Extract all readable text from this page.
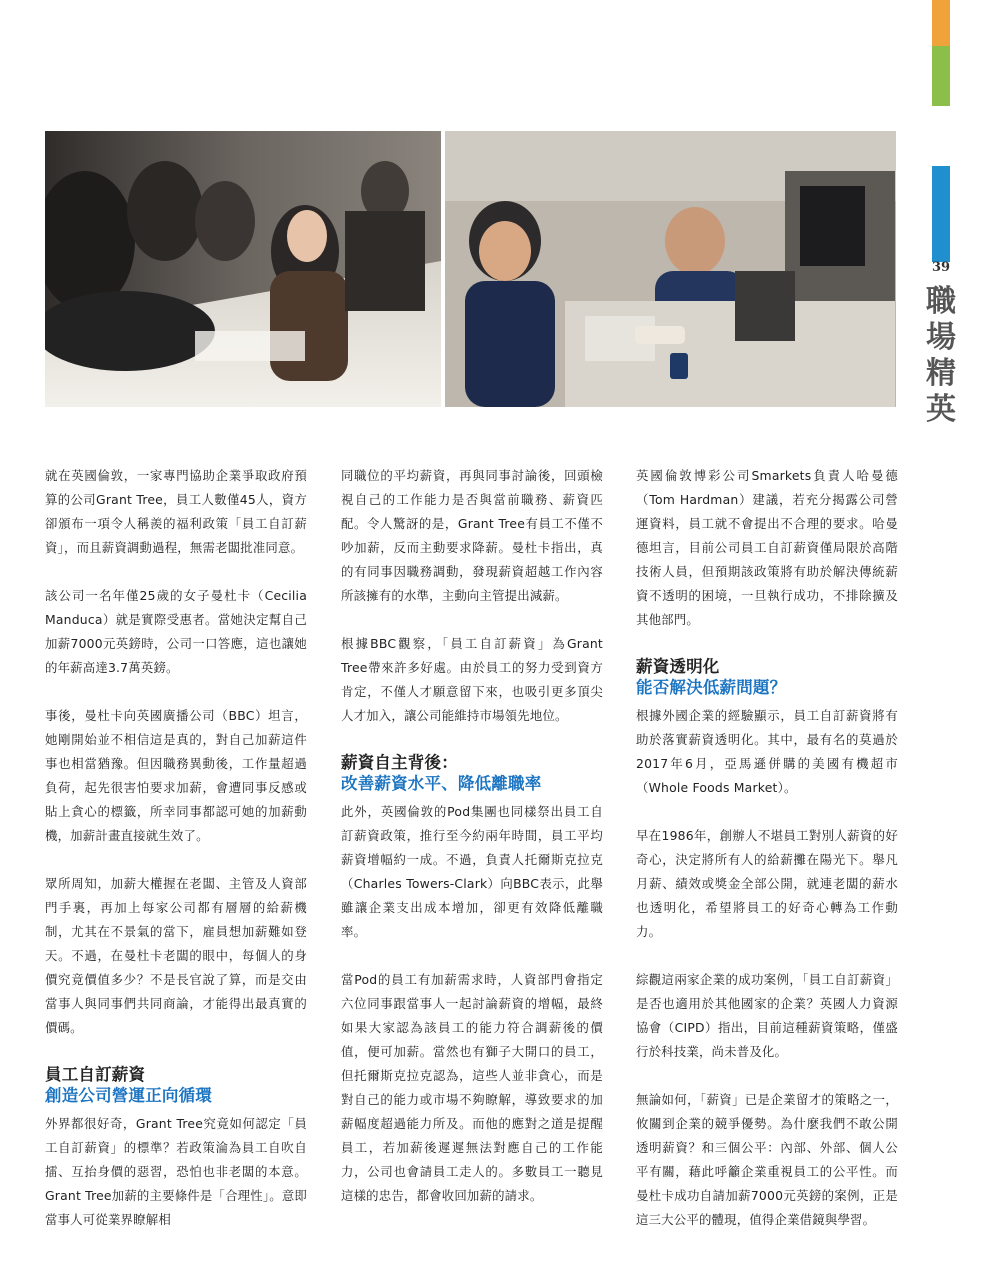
39
職
場
精
英

就在英國倫敦，一家專門協助企業爭取政府預算的公司Grant Tree，員工人數僅45人，資方卻頒布一項令人稱羨的福利政策「員工自訂薪資」，而且薪資調動過程，無需老闆批准同意。

該公司一名年僅25歲的女子曼杜卡（Cecilia Manduca）就是實際受惠者。當她決定幫自己加薪7000元英鎊時，公司一口答應，這也讓她的年薪高達3.7萬英鎊。

事後，曼杜卡向英國廣播公司（BBC）坦言，她剛開始並不相信這是真的，對自己加薪這件事也相當猶豫。但因職務異動後，工作量超過負荷，起先很害怕要求加薪，會遭同事反感或貼上貪心的標籤，所幸同事都認可她的加薪動機，加薪計畫直接就生效了。

眾所周知，加薪大權握在老闆、主管及人資部門手裏，再加上每家公司都有層層的給薪機制，尤其在不景氣的當下，雇員想加薪難如登天。不過，在曼杜卡老闆的眼中，每個人的身價究竟價值多少？不是長官說了算，而是交由當事人與同事們共同商論，才能得出最真實的價碼。

員工自訂薪資
創造公司營運正向循環

外界都很好奇，Grant Tree究竟如何認定「員工自訂薪資」的標準？若政策淪為員工自吹自擂、互抬身價的惡習，恐怕也非老闆的本意。Grant Tree加薪的主要條件是「合理性」。意即當事人可從業界瞭解相

同職位的平均薪資，再與同事討論後，回頭檢視自己的工作能力是否與當前職務、薪資匹配。令人驚訝的是，Grant Tree有員工不僅不吵加薪，反而主動要求降薪。曼杜卡指出，真的有同事因職務調動，發現薪資超越工作內容所該擁有的水準，主動向主管提出減薪。

根據BBC觀察，「員工自訂薪資」為Grant Tree帶來許多好處。由於員工的努力受到資方肯定，不僅人才願意留下來，也吸引更多頂尖人才加入，讓公司能維持市場領先地位。

薪資自主背後：
改善薪資水平、降低離職率

此外，英國倫敦的Pod集團也同樣祭出員工自訂薪資政策，推行至今約兩年時間，員工平均薪資增幅約一成。不過，負責人托爾斯克拉克（Charles Towers-Clark）向BBC表示，此舉雖讓企業支出成本增加，卻更有效降低離職率。

當Pod的員工有加薪需求時，人資部門會指定六位同事跟當事人一起討論薪資的增幅，最終如果大家認為該員工的能力符合調薪後的價值，便可加薪。當然也有獅子大開口的員工，但托爾斯克拉克認為，這些人並非貪心，而是對自己的能力或市場不夠瞭解，導致要求的加薪幅度超過能力所及。而他的應對之道是提醒員工，若加薪後遲遲無法對應自己的工作能力，公司也會請員工走人的。多數員工一聽見這樣的忠告，都會收回加薪的請求。

英國倫敦博彩公司Smarkets負責人哈曼德（Tom Hardman）建議，若充分揭露公司營運資料，員工就不會提出不合理的要求。哈曼德坦言，目前公司員工自訂薪資僅局限於高階技術人員，但預期該政策將有助於解決傳統薪資不透明的困境，一旦執行成功，不排除擴及其他部門。

薪資透明化
能否解決低薪問題？

根據外國企業的經驗顯示，員工自訂薪資將有助於落實薪資透明化。其中，最有名的莫過於2017年6月，亞馬遜併購的美國有機超市（Whole Foods Market）。

早在1986年，創辦人不堪員工對別人薪資的好奇心，決定將所有人的給薪攤在陽光下。舉凡月薪、績效或獎金全部公開，就連老闆的薪水也透明化，希望將員工的好奇心轉為工作動力。

綜觀這兩家企業的成功案例，「員工自訂薪資」是否也適用於其他國家的企業？英國人力資源協會（CIPD）指出，目前這種薪資策略，僅盛行於科技業，尚未普及化。

無論如何，「薪資」已是企業留才的策略之一，攸關到企業的競爭優勢。為什麼我們不敢公開透明薪資？和三個公平：內部、外部、個人公平有關，藉此呼籲企業重視員工的公平性。而曼杜卡成功自請加薪7000元英鎊的案例，正是這三大公平的體現，值得企業借鏡與學習。
